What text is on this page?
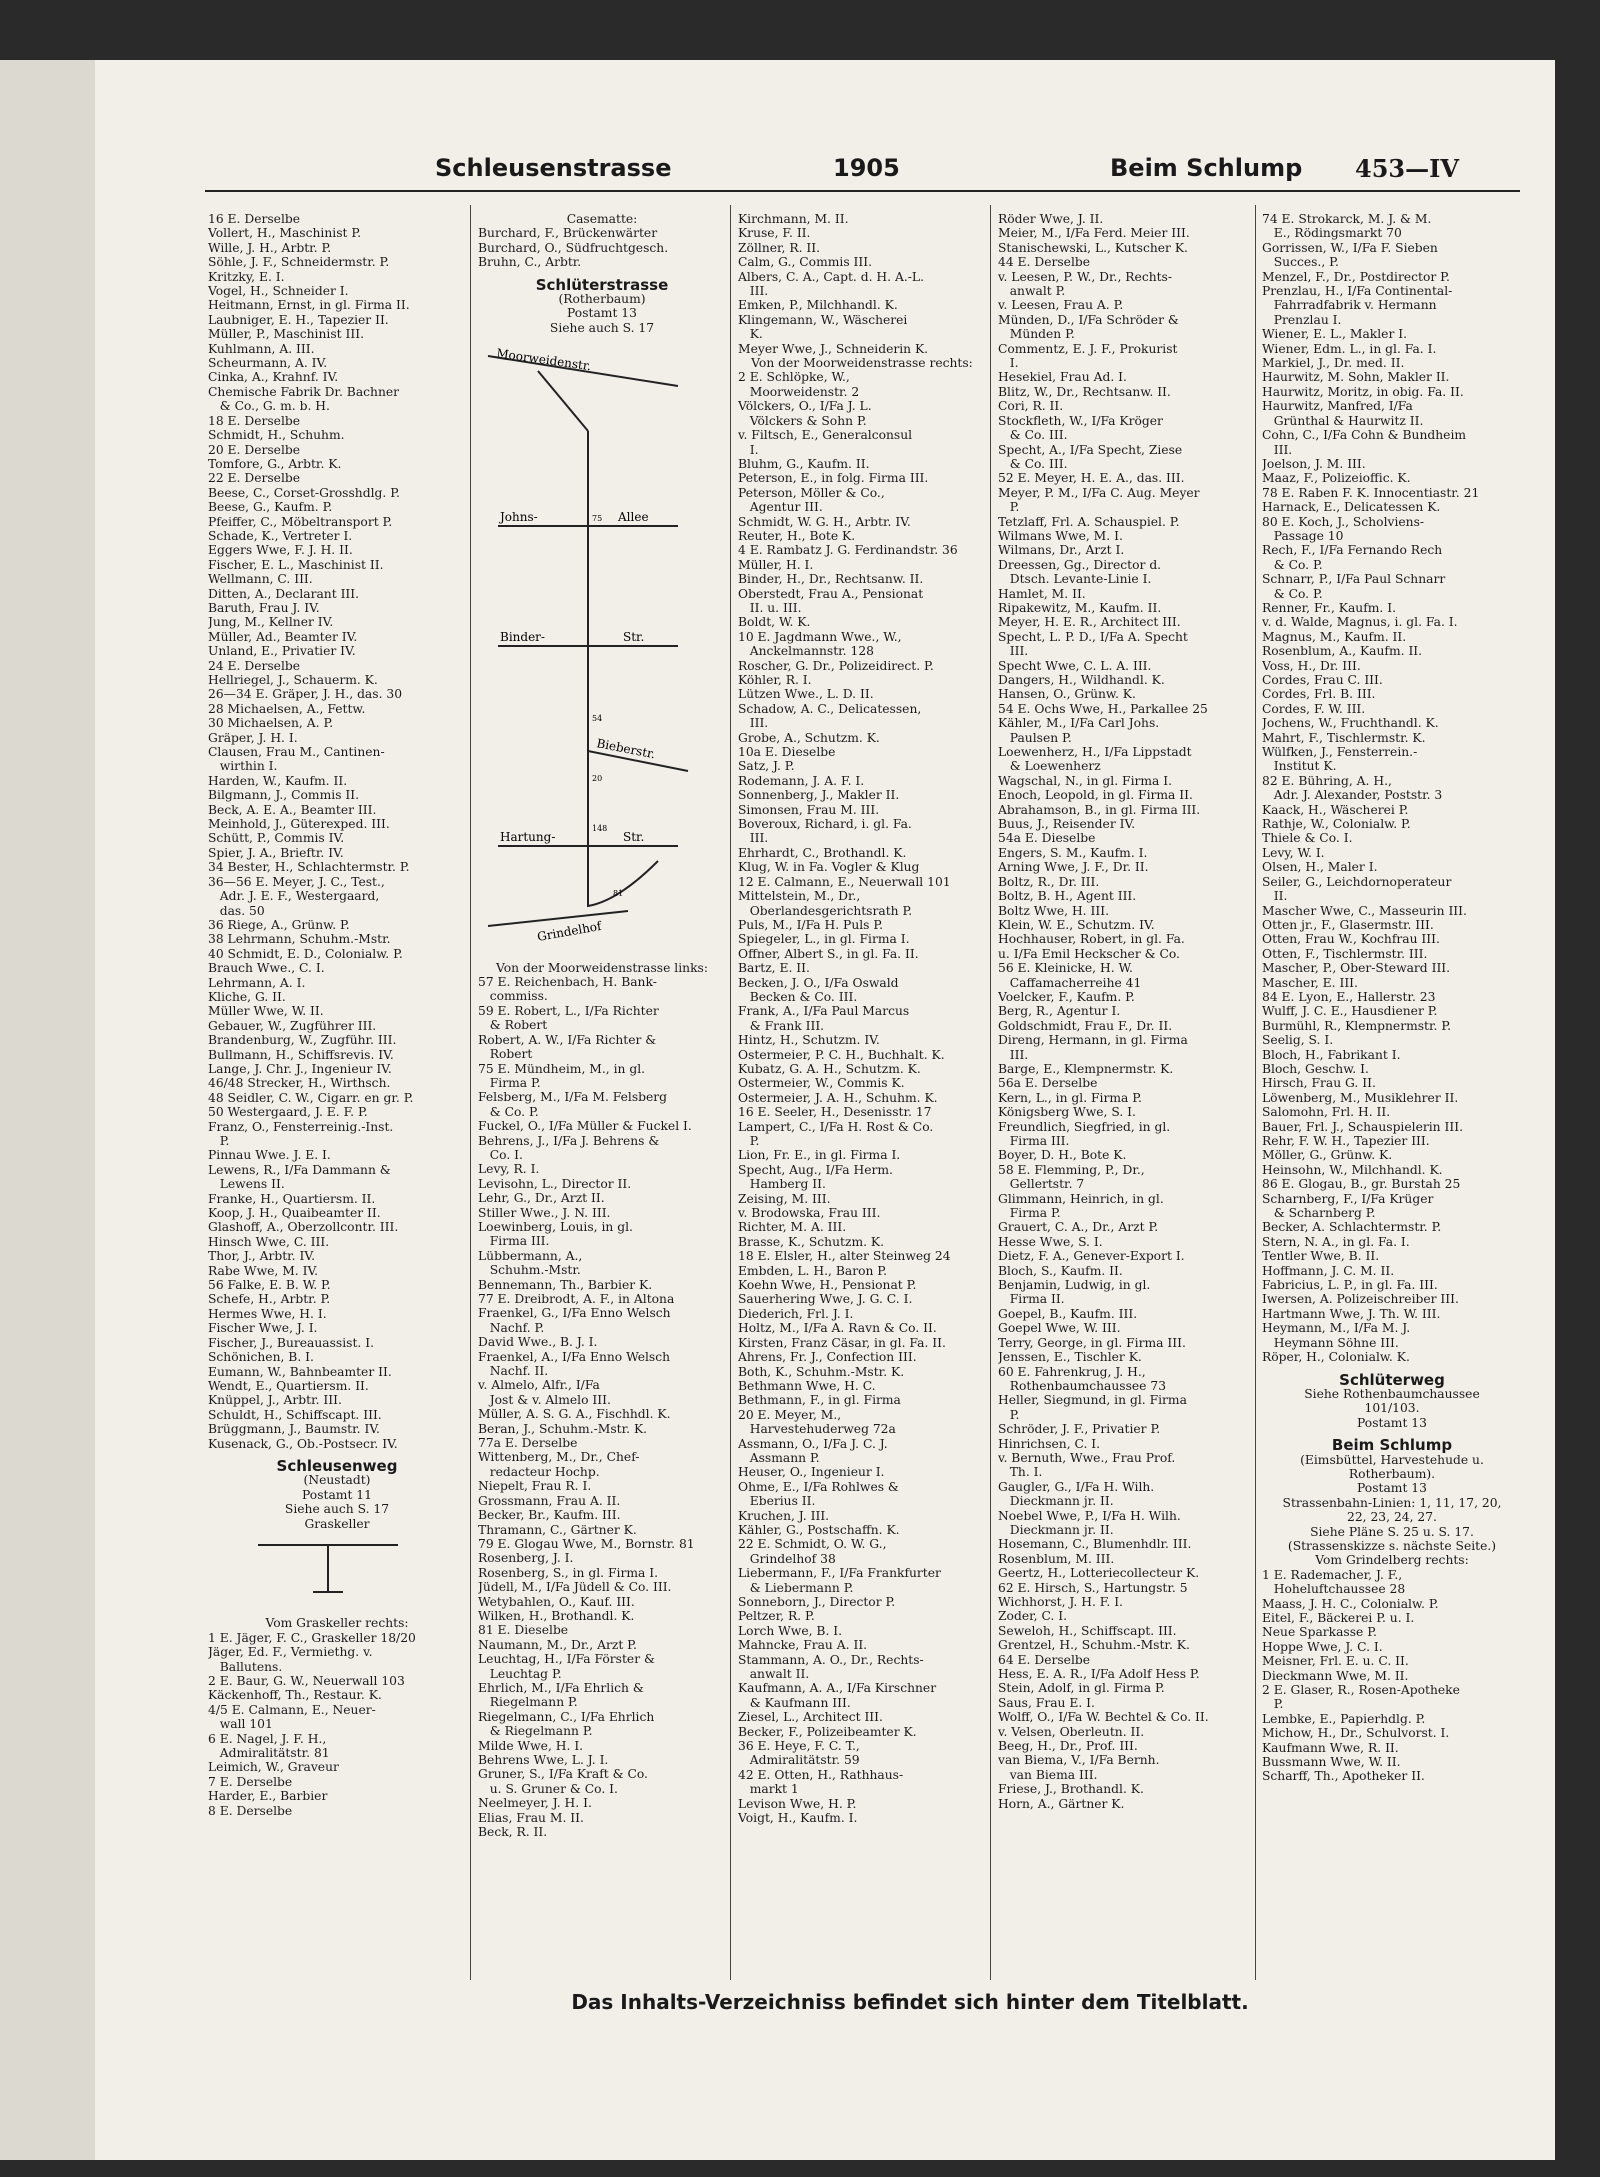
Schleusenstrasse	1905	Beim Schlump 453—IV
16 E. Derselbe
Vollert, H., Maschinist P.
Wille, J. H., Arbtr. P.
Söhle, J. F., Schneidermstr. P.
Kritzky, E. I.
Vogel, H., Schneider I.
Heitmann, Ernst, in gl. Firma II.
Laubniger, E. H., Tapezier II.
Müller, P., Maschinist III.
Kuhlmann, A. III.
Scheurmann, A. IV.
Cinka, A., Krahnf. IV.
Chemische Fabrik Dr. Bachner
& Co., G. m. b. H.
18 E. Derselbe
Schmidt, H., Schuhm.
20 E. Derselbe
Tomfore, G., Arbtr. K.
22 E. Derselbe
Beese, C., Corset-Grosshdlg. P.
Beese, G., Kaufm. P.
Pfeiffer, C., Möbeltransport P.
Schade, K., Vertreter I.
Eggers Wwe, F. J. H. II.
Fischer, E. L., Maschinist II.
Wellmann, C. III.
Ditten, A., Declarant III.
Baruth, Frau J. IV.
Jung, M., Kellner IV.
Müller, Ad., Beamter IV.
Unland, E., Privatier IV.
24 E. Derselbe
Hellriegel, J., Schauerm. K.
26—34 E. Gräper, J. H., das. 30
28 Michaelsen, A., Fettw.
30 Michaelsen, A. P.
Gräper, J. H. I.
Clausen, Frau M., Cantinen-
wirthin I.
Harden, W., Kaufm. II.
Bilgmann, J., Commis II.
Beck, A. E. A., Beamter III.
Meinhold, J., Güterexped. III.
Schütt, P., Commis IV.
Spier, J. A., Brieftr. IV.
34 Bester, H., Schlachtermstr. P.
36—56 E. Meyer, J. C., Test.,
Adr. J. E. F., Westergaard,
das. 50
36 Riege, A., Grünw. P.
38 Lehrmann, Schuhm.-Mstr.
40 Schmidt, E. D., Colonialw. P.
Brauch Wwe., C. I.
Lehrmann, A. I.
Kliche, G. II.
Müller Wwe, W. II.
Gebauer, W., Zugführer III.
Brandenburg, W., Zugführ. III.
Bullmann, H., Schiffsrevis. IV.
Lange, J. Chr. J., Ingenieur IV.
46/48 Strecker, H., Wirthsch.
48 Seidler, C. W., Cigarr. en gr. P.
50 Westergaard, J. E. F. P.
Franz, O., Fensterreinig.-Inst.
P.
Pinnau Wwe. J. E. I.
Lewens, R., I/Fa Dammann &
Lewens II.
Franke, H., Quartiersm. II.
Koop, J. H., Quaibeamter II.
Glashoff, A., Oberzollcontr. III.
Hinsch Wwe, C. III.
Thor, J., Arbtr. IV.
Rabe Wwe, M. IV.
56 Falke, E. B. W. P.
Schefe, H., Arbtr. P.
Hermes Wwe, H. I.
Fischer Wwe, J. I.
Fischer, J., Bureauassist. I.
Schönichen, B. I.
Eumann, W., Bahnbeamter II.
Wendt, E., Quartiersm. II.
Knüppel, J., Arbtr. III.
Schuldt, H., Schiffscapt. III.
Brüggmann, J., Baumstr. IV.
Kusenack, G., Ob.-Postsecr. IV.
Schleusenweg
(Neustadt)
Postamt 11
Siehe auch S. 17
Graskeller
Vom Graskeller rechts:
1 E. Jäger, F. C., Graskeller 18/20
Jäger, Ed. F., Vermiethg. v.
Ballutens.
2 E. Baur, G. W., Neuerwall 103
Käckenhoff, Th., Restaur. K.
4/5 E. Calmann, E., Neuer-
wall 101
6 E. Nagel, J. F. H.,
Admiralitätstr. 81
Leimich, W., Graveur
7 E. Derselbe
Harder, E., Barbier
8 E. Derselbe
Casematte:
Burchard, F., Brückenwärter
Burchard, O., Südfruchtgesch.
Bruhn, C., Arbtr.
Schlüterstrasse
(Rotherbaum)
Postamt 13
Siehe auch S. 17
Moorweidenstr.
Johns-	Allee
Binder-	Str.
Bieberstr.
Hartung-	Str.
Grindelhof
75
54
20
148
81
Von der Moorweidenstrasse links:
57 E. Reichenbach, H. Bank-
commiss.
59 E. Robert, L., I/Fa Richter
& Robert
Robert, A. W., I/Fa Richter &
Robert
75 E. Mündheim, M., in gl.
Firma P.
Felsberg, M., I/Fa M. Felsberg
& Co. P.
Fuckel, O., I/Fa Müller & Fuckel I.
Behrens, J., I/Fa J. Behrens &
Co. I.
Levy, R. I.
Levisohn, L., Director II.
Lehr, G., Dr., Arzt II.
Stiller Wwe., J. N. III.
Loewinberg, Louis, in gl.
Firma III.
Lübbermann, A.,
Schuhm.-Mstr.
Bennemann, Th., Barbier K.
77 E. Dreibrodt, A. F., in Altona
Fraenkel, G., I/Fa Enno Welsch
Nachf. P.
David Wwe., B. J. I.
Fraenkel, A., I/Fa Enno Welsch
Nachf. II.
v. Almelo, Alfr., I/Fa
Jost & v. Almelo III.
Müller, A. S. G. A., Fischhdl. K.
Beran, J., Schuhm.-Mstr. K.
77a E. Derselbe
Wittenberg, M., Dr., Chef-
redacteur Hochp.
Niepelt, Frau R. I.
Grossmann, Frau A. II.
Becker, Br., Kaufm. III.
Thramann, C., Gärtner K.
79 E. Glogau Wwe, M., Bornstr. 81
Rosenberg, J. I.
Rosenberg, S., in gl. Firma I.
Jüdell, M., I/Fa Jüdell & Co. III.
Wetybahlen, O., Kauf. III.
Wilken, H., Brothandl. K.
81 E. Dieselbe
Naumann, M., Dr., Arzt P.
Leuchtag, H., I/Fa Förster &
Leuchtag P.
Ehrlich, M., I/Fa Ehrlich &
Riegelmann P.
Riegelmann, C., I/Fa Ehrlich
& Riegelmann P.
Milde Wwe, H. I.
Behrens Wwe, L. J. I.
Gruner, S., I/Fa Kraft & Co.
u. S. Gruner & Co. I.
Neelmeyer, J. H. I.
Elias, Frau M. II.
Beck, R. II.
Kirchmann, M. II.
Kruse, F. II.
Zöllner, R. II.
Calm, G., Commis III.
Albers, C. A., Capt. d. H. A.-L.
III.
Emken, P., Milchhandl. K.
Klingemann, W., Wäscherei
K.
Meyer Wwe, J., Schneiderin K.
Von der Moorweidenstrasse rechts:
2 E. Schlöpke, W.,
Moorweidenstr. 2
Völckers, O., I/Fa J. L.
Völckers & Sohn P.
v. Filtsch, E., Generalconsul
I.
Bluhm, G., Kaufm. II.
Peterson, E., in folg. Firma III.
Peterson, Möller & Co.,
Agentur III.
Schmidt, W. G. H., Arbtr. IV.
Reuter, H., Bote K.
4 E. Rambatz J. G. Ferdinandstr. 36
Müller, H. I.
Binder, H., Dr., Rechtsanw. II.
Oberstedt, Frau A., Pensionat
II. u. III.
Boldt, W. K.
10 E. Jagdmann Wwe., W.,
Anckelmannstr. 128
Roscher, G. Dr., Polizeidirect. P.
Köhler, R. I.
Lützen Wwe., L. D. II.
Schadow, A. C., Delicatessen,
III.
Grobe, A., Schutzm. K.
10a E. Dieselbe
Satz, J. P.
Rodemann, J. A. F. I.
Sonnenberg, J., Makler II.
Simonsen, Frau M. III.
Boveroux, Richard, i. gl. Fa.
III.
Ehrhardt, C., Brothandl. K.
Klug, W. in Fa. Vogler & Klug
12 E. Calmann, E., Neuerwall 101
Mittelstein, M., Dr.,
Oberlandesgerichtsrath P.
Puls, M., I/Fa H. Puls P.
Spiegeler, L., in gl. Firma I.
Offner, Albert S., in gl. Fa. II.
Bartz, E. II.
Becken, J. O., I/Fa Oswald
Becken & Co. III.
Frank, A., I/Fa Paul Marcus
& Frank III.
Hintz, H., Schutzm. IV.
Ostermeier, P. C. H., Buchhalt. K.
Kubatz, G. A. H., Schutzm. K.
Ostermeier, W., Commis K.
Ostermeier, J. A. H., Schuhm. K.
16 E. Seeler, H., Desenisstr. 17
Lampert, C., I/Fa H. Rost & Co.
P.
Lion, Fr. E., in gl. Firma I.
Specht, Aug., I/Fa Herm.
Hamberg II.
Zeising, M. III.
v. Brodowska, Frau III.
Richter, M. A. III.
Brasse, K., Schutzm. K.
18 E. Elsler, H., alter Steinweg 24
Embden, L. H., Baron P.
Koehn Wwe, H., Pensionat P.
Sauerhering Wwe, J. G. C. I.
Diederich, Frl. J. I.
Holtz, M., I/Fa A. Ravn & Co. II.
Kirsten, Franz Cäsar, in gl. Fa. II.
Ahrens, Fr. J., Confection III.
Both, K., Schuhm.-Mstr. K.
Bethmann Wwe, H. C.
Bethmann, F., in gl. Firma
20 E. Meyer, M.,
Harvestehuderweg 72a
Assmann, O., I/Fa J. C. J.
Assmann P.
Heuser, O., Ingenieur I.
Ohme, E., I/Fa Rohlwes &
Eberius II.
Kruchen, J. III.
Kähler, G., Postschaffn. K.
22 E. Schmidt, O. W. G.,
Grindelhof 38
Liebermann, F., I/Fa Frankfurter
& Liebermann P.
Sonneborn, J., Director P.
Peltzer, R. P.
Lorch Wwe, B. I.
Mahncke, Frau A. II.
Stammann, A. O., Dr., Rechts-
anwalt II.
Kaufmann, A. A., I/Fa Kirschner
& Kaufmann III.
Ziesel, L., Architect III.
Becker, F., Polizeibeamter K.
36 E. Heye, F. C. T.,
Admiralitätstr. 59
42 E. Otten, H., Rathhaus-
markt 1
Levison Wwe, H. P.
Voigt, H., Kaufm. I.
Röder Wwe, J. II.
Meier, M., I/Fa Ferd. Meier III.
Stanischewski, L., Kutscher K.
44 E. Derselbe
v. Leesen, P. W., Dr., Rechts-
anwalt P.
v. Leesen, Frau A. P.
Münden, D., I/Fa Schröder &
Münden P.
Commentz, E. J. F., Prokurist
I.
Hesekiel, Frau Ad. I.
Blitz, W., Dr., Rechtsanw. II.
Cori, R. II.
Stockfleth, W., I/Fa Kröger
& Co. III.
Specht, A., I/Fa Specht, Ziese
& Co. III.
52 E. Meyer, H. E. A., das. III.
Meyer, P. M., I/Fa C. Aug. Meyer
P.
Tetzlaff, Frl. A. Schauspiel. P.
Wilmans Wwe, M. I.
Wilmans, Dr., Arzt I.
Dreessen, Gg., Director d.
Dtsch. Levante-Linie I.
Hamlet, M. II.
Ripakewitz, M., Kaufm. II.
Meyer, H. E. R., Architect III.
Specht, L. P. D., I/Fa A. Specht
III.
Specht Wwe, C. L. A. III.
Dangers, H., Wildhandl. K.
Hansen, O., Grünw. K.
54 E. Ochs Wwe, H., Parkallee 25
Kähler, M., I/Fa Carl Johs.
Paulsen P.
Loewenherz, H., I/Fa Lippstadt
& Loewenherz
Wagschal, N., in gl. Firma I.
Enoch, Leopold, in gl. Firma II.
Abrahamson, B., in gl. Firma III.
Buus, J., Reisender IV.
54a E. Dieselbe
Engers, S. M., Kaufm. I.
Arning Wwe, J. F., Dr. II.
Boltz, R., Dr. III.
Boltz, B. H., Agent III.
Boltz Wwe, H. III.
Klein, W. E., Schutzm. IV.
Hochhauser, Robert, in gl. Fa.
u. I/Fa Emil Heckscher & Co.
56 E. Kleinicke, H. W.
Caffamacherreihe 41
Voelcker, F., Kaufm. P.
Berg, R., Agentur I.
Goldschmidt, Frau F., Dr. II.
Direng, Hermann, in gl. Firma
III.
Barge, E., Klempnermstr. K.
56a E. Derselbe
Kern, L., in gl. Firma P.
Königsberg Wwe, S. I.
Freundlich, Siegfried, in gl.
Firma III.
Boyer, D. H., Bote K.
58 E. Flemming, P., Dr.,
Gellertstr. 7
Glimmann, Heinrich, in gl.
Firma P.
Grauert, C. A., Dr., Arzt P.
Hesse Wwe, S. I.
Dietz, F. A., Genever-Export I.
Bloch, S., Kaufm. II.
Benjamin, Ludwig, in gl.
Firma II.
Goepel, B., Kaufm. III.
Goepel Wwe, W. III.
Terry, George, in gl. Firma III.
Jenssen, E., Tischler K.
60 E. Fahrenkrug, J. H.,
Rothenbaumchaussee 73
Heller, Siegmund, in gl. Firma
P.
Schröder, J. F., Privatier P.
Hinrichsen, C. I.
v. Bernuth, Wwe., Frau Prof.
Th. I.
Gaugler, G., I/Fa H. Wilh.
Dieckmann jr. II.
Noebel Wwe, P., I/Fa H. Wilh.
Dieckmann jr. II.
Hosemann, C., Blumenhdlr. III.
Rosenblum, M. III.
Geertz, H., Lotteriecollecteur K.
62 E. Hirsch, S., Hartungstr. 5
Wichhorst, J. H. F. I.
Zoder, C. I.
Seweloh, H., Schiffscapt. III.
Grentzel, H., Schuhm.-Mstr. K.
64 E. Derselbe
Hess, E. A. R., I/Fa Adolf Hess P.
Stein, Adolf, in gl. Firma P.
Saus, Frau E. I.
Wolff, O., I/Fa W. Bechtel & Co. II.
v. Velsen, Oberleutn. II.
Beeg, H., Dr., Prof. III.
van Biema, V., I/Fa Bernh.
van Biema III.
Friese, J., Brothandl. K.
Horn, A., Gärtner K.
74 E. Strokarck, M. J. & M.
E., Rödingsmarkt 70
Gorrissen, W., I/Fa F. Sieben
Succes., P.
Menzel, F., Dr., Postdirector P.
Prenzlau, H., I/Fa Continental-
Fahrradfabrik v. Hermann
Prenzlau I.
Wiener, E. L., Makler I.
Wiener, Edm. L., in gl. Fa. I.
Markiel, J., Dr. med. II.
Haurwitz, M. Sohn, Makler II.
Haurwitz, Moritz, in obig. Fa. II.
Haurwitz, Manfred, I/Fa
Grünthal & Haurwitz II.
Cohn, C., I/Fa Cohn & Bundheim
III.
Joelson, J. M. III.
Maaz, F., Polizeioffic. K.
78 E. Raben F. K. Innocentiastr. 21
Harnack, E., Delicatessen K.
80 E. Koch, J., Scholviens-
Passage 10
Rech, F., I/Fa Fernando Rech
& Co. P.
Schnarr, P., I/Fa Paul Schnarr
& Co. P.
Renner, Fr., Kaufm. I.
v. d. Walde, Magnus, i. gl. Fa. I.
Magnus, M., Kaufm. II.
Rosenblum, A., Kaufm. II.
Voss, H., Dr. III.
Cordes, Frau C. III.
Cordes, Frl. B. III.
Cordes, F. W. III.
Jochens, W., Fruchthandl. K.
Mahrt, F., Tischlermstr. K.
Wülfken, J., Fensterrein.-
Institut K.
82 E. Bühring, A. H.,
Adr. J. Alexander, Poststr. 3
Kaack, H., Wäscherei P.
Rathje, W., Colonialw. P.
Thiele & Co. I.
Levy, W. I.
Olsen, H., Maler I.
Seiler, G., Leichdornoperateur
II.
Mascher Wwe, C., Masseurin III.
Otten jr., F., Glasermstr. III.
Otten, Frau W., Kochfrau III.
Otten, F., Tischlermstr. III.
Mascher, P., Ober-Steward III.
Mascher, E. III.
84 E. Lyon, E., Hallerstr. 23
Wulff, J. C. E., Hausdiener P.
Burmühl, R., Klempnermstr. P.
Seelig, S. I.
Bloch, H., Fabrikant I.
Bloch, Geschw. I.
Hirsch, Frau G. II.
Löwenberg, M., Musiklehrer II.
Salomohn, Frl. H. II.
Bauer, Frl. J., Schauspielerin III.
Rehr, F. W. H., Tapezier III.
Möller, G., Grünw. K.
Heinsohn, W., Milchhandl. K.
86 E. Glogau, B., gr. Burstah 25
Scharnberg, F., I/Fa Krüger
& Scharnberg P.
Becker, A. Schlachtermstr. P.
Stern, N. A., in gl. Fa. I.
Tentler Wwe, B. II.
Hoffmann, J. C. M. II.
Fabricius, L. P., in gl. Fa. III.
Iwersen, A. Polizeischreiber III.
Hartmann Wwe, J. Th. W. III.
Heymann, M., I/Fa M. J.
Heymann Söhne III.
Röper, H., Colonialw. K.
Schlüterweg
Siehe Rothenbaumchaussee
101/103.
Postamt 13
Beim Schlump
(Eimsbüttel, Harvestehude u.
Rotherbaum).
Postamt 13
Strassenbahn-Linien: 1, 11, 17, 20,
22, 23, 24, 27.
Siehe Pläne S. 25 u. S. 17.
(Strassenskizze s. nächste Seite.)
Vom Grindelberg rechts:
1 E. Rademacher, J. F.,
Hoheluftchaussee 28
Maass, J. H. C., Colonialw. P.
Eitel, F., Bäckerei P. u. I.
Neue Sparkasse P.
Hoppe Wwe, J. C. I.
Meisner, Frl. E. u. C. II.
Dieckmann Wwe, M. II.
2 E. Glaser, R., Rosen-Apotheke
P.
Lembke, E., Papierhdlg. P.
Michow, H., Dr., Schulvorst. I.
Kaufmann Wwe, R. II.
Bussmann Wwe, W. II.
Scharff, Th., Apotheker II.
Das Inhalts-Verzeichniss befindet sich hinter dem Titelblatt.
